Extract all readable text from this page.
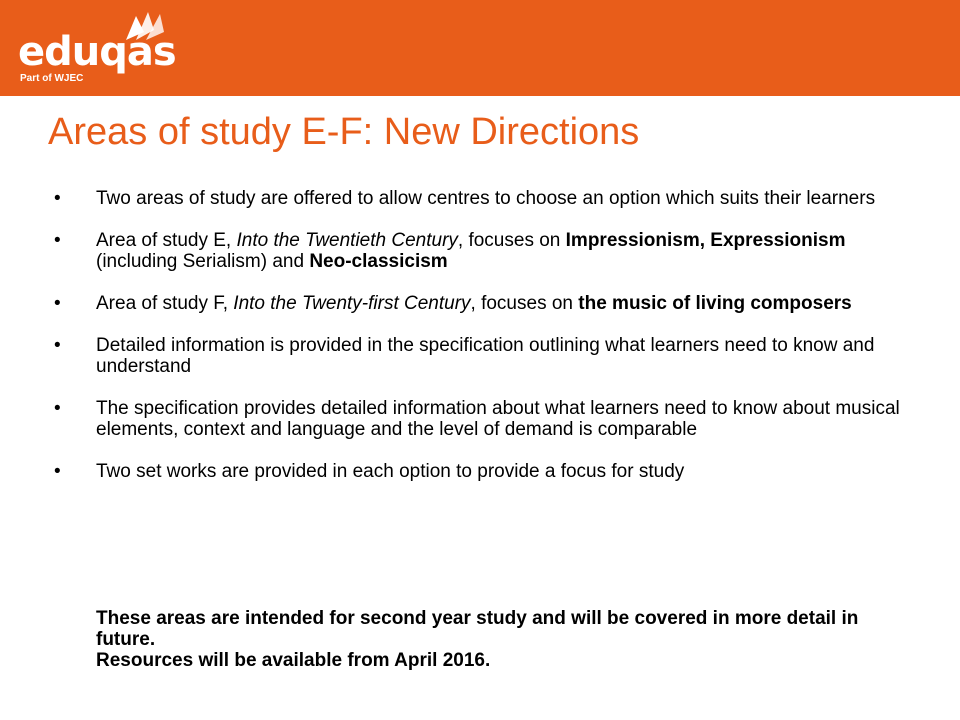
eduqas
Part of WJEC
Areas of study E-F: New Directions
• Two areas of study are offered to allow centres to choose an option which suits their learners
• Area of study E, Into the Twentieth Century, focuses on Impressionism, Expressionism (including Serialism) and Neo-classicism
• Area of study F, Into the Twenty-first Century, focuses on the music of living composers
• Detailed information is provided in the specification outlining what learners need to know and understand
• The specification provides detailed information about what learners need to know about musical elements, context and language and the level of demand is comparable
• Two set works are provided in each option to provide a focus for study
These areas are intended for second year study and will be covered in more detail in future.
Resources will be available from April 2016.
